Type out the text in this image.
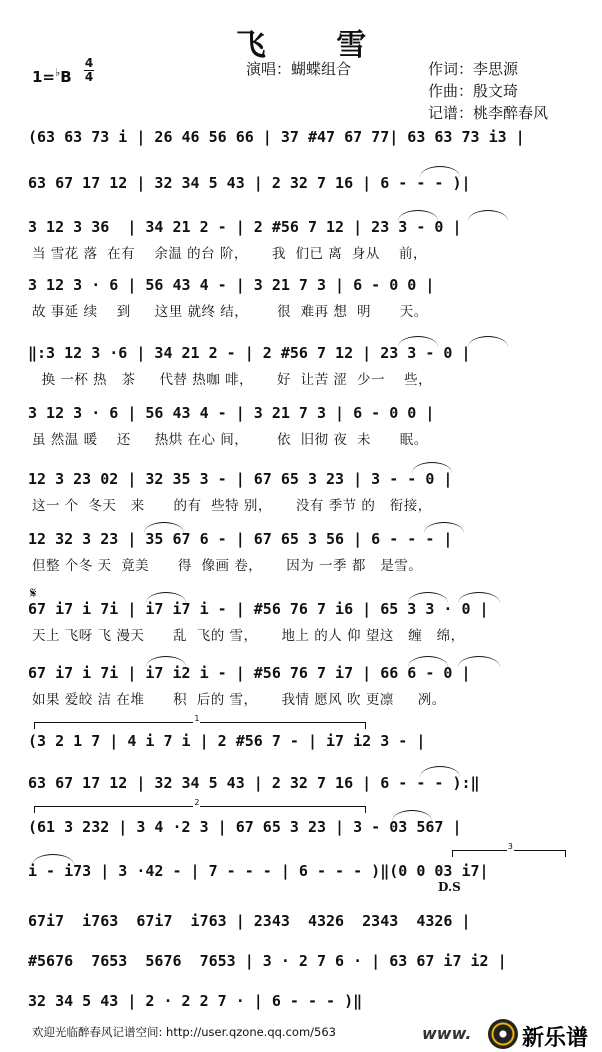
飞 雪
1=♭B
4
4	演唱：蝴蝶组合	作词：李思源
作曲：殷文琦
记谱：桃李醉春风
(63 63 73 i | 26 46 56 66 | 37 #47 67 77| 63 63 73 i3 |
63 67 17 12 | 32 34 5 43 | 2 32 7 16 | 6 - - - )|
3 12 3 36  | 34 21 2 - | 2 #56 7 12 | 23 3 - 0 |
当 雪花 落  在有    余温 的台 阶，     我  们已 离  身从    前，
3 12 3 · 6 | 56 43 4 - | 3 21 7 3 | 6 - 0 0 |
故 事延 续    到     这里 就终 结，      很  难再 想  明      天。
‖:3 12 3 ·6 | 34 21 2 - | 2 #56 7 12 | 23 3 - 0 |
换 一杯 热   茶     代替 热咖 啡，     好  让苦 涩  少一    些，
3 12 3 · 6 | 56 43 4 - | 3 21 7 3 | 6 - 0 0 |
虽 然温 暖    还     热烘 在心 间，      依  旧彻 夜  未      眠。
12 3 23 02 | 32 35 3 - | 67 65 3 23 | 3 - - 0 |
这一 个  冬天   来      的有  些特 别，     没有 季节 的   衔接，
12 32 3 23 | 35 67 6 - | 67 65 3 56 | 6 - - - |
但整 个冬 天  竟美      得  像画 卷，     因为 一季 都   是雪。
𝄋
67 i7 i 7i | i7 i7 i - | #56 76 7 i6 | 65 3 3 · 0 |
天上 飞呀 飞 漫天      乱  飞的 雪，     地上 的人 仰 望这   缠   绵，
67 i7 i 7i | i7 i2 i - | #56 76 7 i7 | 66 6 - 0 |
如果 爱皎 洁 在堆      积  后的 雪，     我情 愿风 吹 更凛     冽。
1
(3 2 1 7 | 4 i 7 i | 2 #56 7 - | i7 i2 3 - |
63 67 17 12 | 32 34 5 43 | 2 32 7 16 | 6 - - - ):‖
2
(61 3 232 | 3 4 ·2 3 | 67 65 3 23 | 3 - 03 567 |
3
i - i73 | 3 ·42 - | 7 - - - | 6 - - - )‖(0 0 03 i7|
D.S
67i7  i763  67i7  i763 | 2343  4326  2343  4326 |
#5676  7653  5676  7653 | 3 · 2 7 6 · | 63 67 i7 i2 |
32 34 5 43 | 2 · 2 2 7 · | 6 - - - )‖
欢迎光临醉春风记谱空间: http://user.qzone.qq.com/563	www. 新乐谱
